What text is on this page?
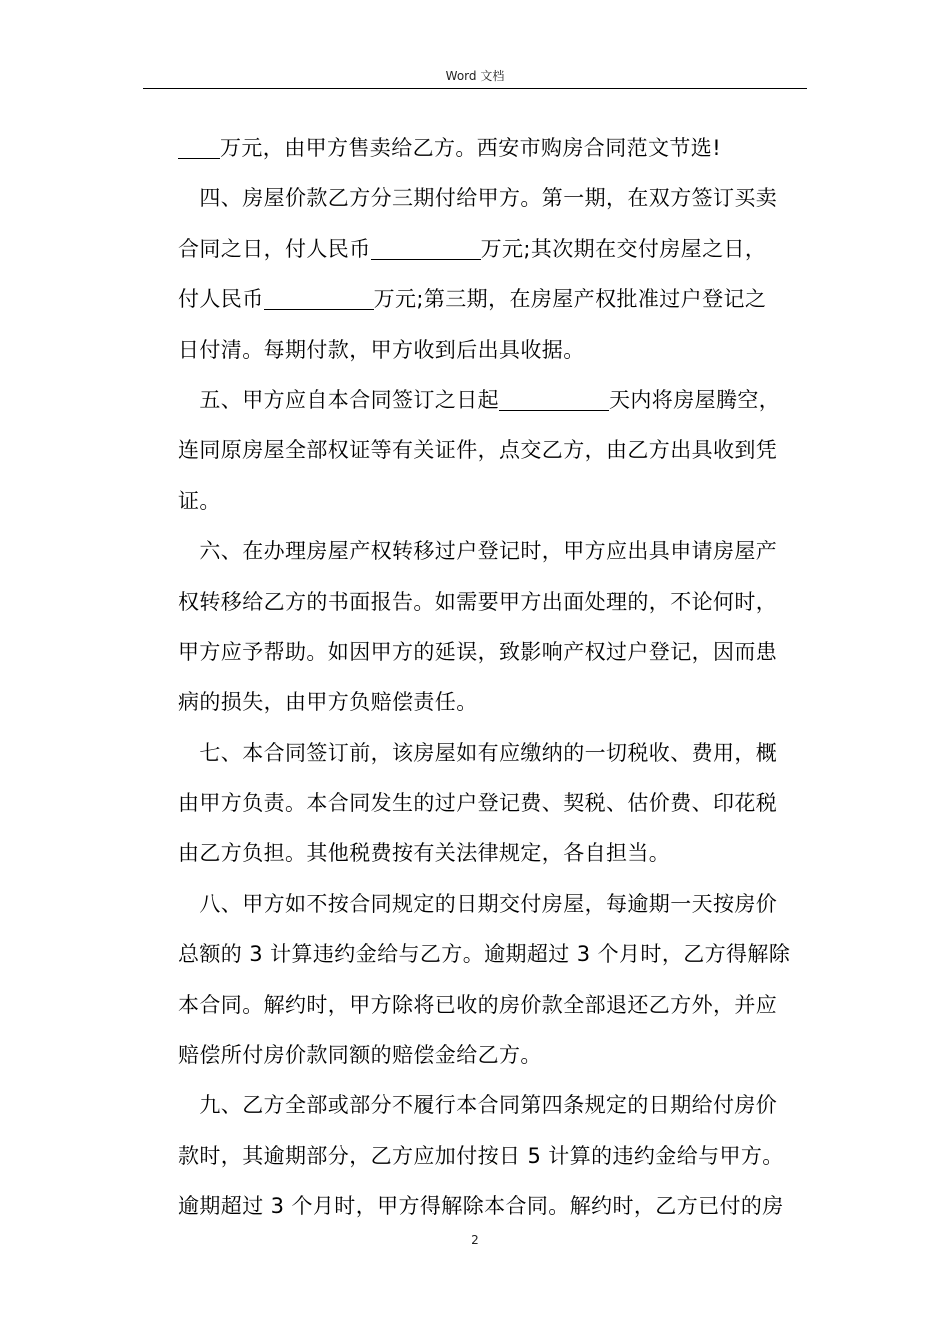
Word 文档
万元，由甲方售卖给乙方。西安市购房合同范文节选!
　四、房屋价款乙方分三期付给甲方。第一期，在双方签订买卖
合同之日，付人民币	万元;其次期在交付房屋之日，
付人民币	万元;第三期，在房屋产权批准过户登记之
日付清。每期付款，甲方收到后出具收据。
　五、甲方应自本合同签订之日起	天内将房屋腾空，
连同原房屋全部权证等有关证件，点交乙方，由乙方出具收到凭
证。
　六、在办理房屋产权转移过户登记时，甲方应出具申请房屋产
权转移给乙方的书面报告。如需要甲方出面处理的，不论何时，
甲方应予帮助。如因甲方的延误，致影响产权过户登记，因而患
病的损失，由甲方负赔偿责任。
　七、本合同签订前，该房屋如有应缴纳的一切税收、费用，概
由甲方负责。本合同发生的过户登记费、契税、估价费、印花税
由乙方负担。其他税费按有关法律规定，各自担当。
　八、甲方如不按合同规定的日期交付房屋，每逾期一天按房价
总额的 3 计算违约金给与乙方。逾期超过 3 个月时，乙方得解除
本合同。解约时，甲方除将已收的房价款全部退还乙方外，并应
赔偿所付房价款同额的赔偿金给乙方。
　九、乙方全部或部分不履行本合同第四条规定的日期给付房价
款时，其逾期部分，乙方应加付按日 5 计算的违约金给与甲方。
逾期超过 3 个月时，甲方得解除本合同。解约时，乙方已付的房
2
